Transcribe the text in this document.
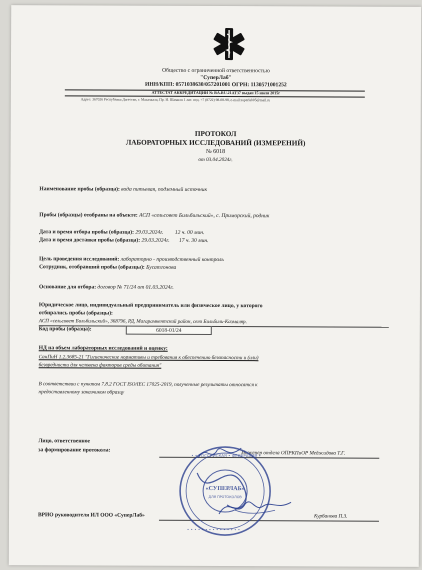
Общество с ограниченной ответственностью
"СуперЛаб"
ИНН/КПП: 0571038630/057201001 ОГРН: 1130571001252
АТТЕСТАТ АККРЕДИТАЦИИ № RA.RU.21AT37 выдан 15 июля 2015г
Адрес: 367026 Республика Дагестан, г. Махачкала, Пр. И. Шамиля 1 лит. под. +7 (8722) 98-08-98, e-mail:superlab05@mail.ru
ПРОТОКОЛ
ЛАБОРАТОРНЫХ ИССЛЕДОВАНИЙ (ИЗМЕРЕНИЙ)
№ 6018
от 03.04.2024г.
Наименование пробы (образца): вода питьевая, подземный источник
Пробы (образцы) отобраны на объекте: АСП «сельсовет Бильбильский», с. Приморский, родник
Дата и время отбора пробы (образца): 29.03.2024г. 12 ч. 00 мин.
Дата и время доставки пробы (образца): 29.03.2024г. 17 ч. 30 мин.
Цель проведения исследований: лабораторно - производственный контроль
Сотрудник, отобравший пробы (образцы): Бусатгонова
Основание для отбора: договор № 71/24 от 01.03.2024г.
Юридическое лицо, индивидуальный предприниматель или физическое лицо, у которого
отбирались пробы (образцы):
АСП «сельсовет Бильбильский», 368796, РД, Магарамкентский район, село Бильбиль-Казмаляр.
Код пробы (образца):	6018-01/24
НД на объем лабораторных исследований и оценку:
СанПиН 1.2.3685-21 "Гигиенические нормативы и требования к обеспечению безопасности и (или)
безвредности для человека факторов среды обитания"
В соответствии с пунктом 7.8.2 ГОСТ ISO/IEC 17025-2019, полученные результаты относятся к
предоставленному заказчиком образцу
Лицо, ответственное
за формирование протокола:	Инженер отдела ОПРКПиОР Меджидова Т.Г.
ВРИО руководителя ИЛ ООО «СуперЛаб»	Курбанова П.З.
• • РОССИЙСКАЯ • ФЕДЕРАЦИЯ •
• • • • • • • • • • • • • • •
«СУПЕРЛАБ»
ДЛЯ ПРОТОКОЛОВ
